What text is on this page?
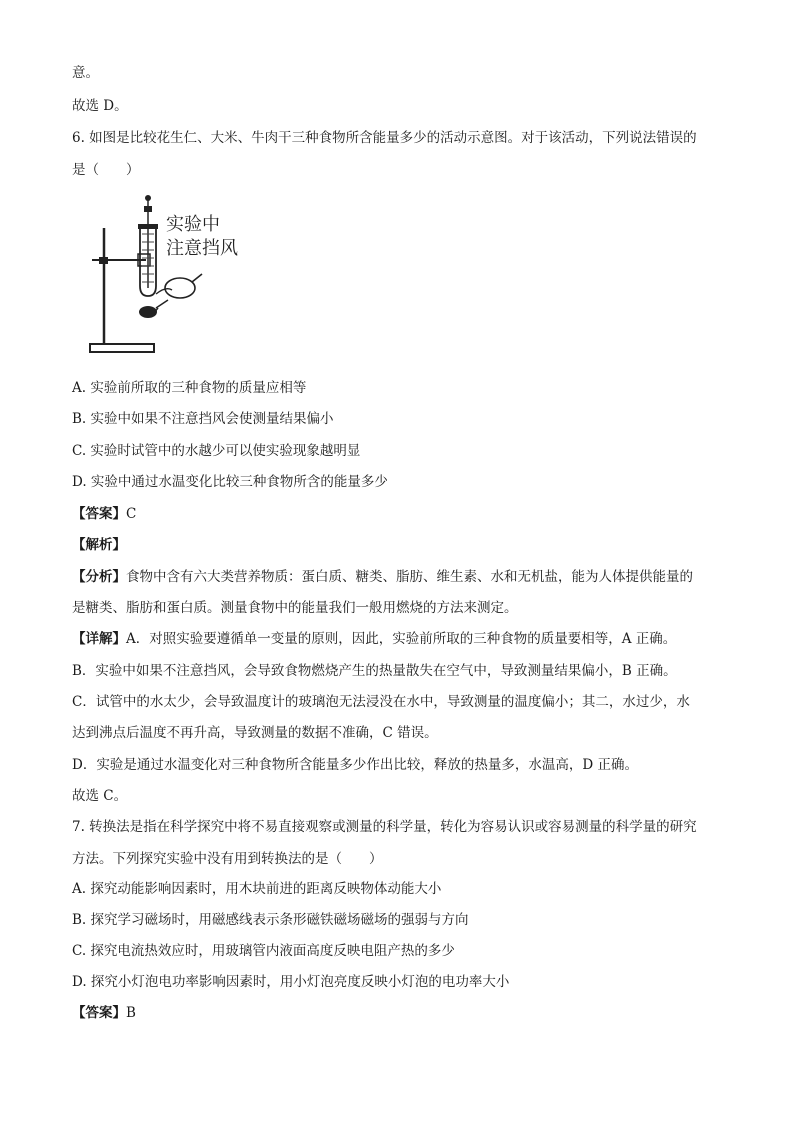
意。
故选 D。
6. 如图是比较花生仁、大米、牛肉干三种食物所含能量多少的活动示意图。对于该活动，下列说法错误的
是（　　）
实验中
注意挡风
A. 实验前所取的三种食物的质量应相等
B. 实验中如果不注意挡风会使测量结果偏小
C. 实验时试管中的水越少可以使实验现象越明显
D. 实验中通过水温变化比较三种食物所含的能量多少
【答案】C
【解析】
【分析】食物中含有六大类营养物质：蛋白质、糖类、脂肪、维生素、水和无机盐，能为人体提供能量的
是糖类、脂肪和蛋白质。测量食物中的能量我们一般用燃烧的方法来测定。
【详解】A．对照实验要遵循单一变量的原则，因此，实验前所取的三种食物的质量要相等，A 正确。
B．实验中如果不注意挡风，会导致食物燃烧产生的热量散失在空气中，导致测量结果偏小，B 正确。
C．试管中的水太少，会导致温度计的玻璃泡无法浸没在水中，导致测量的温度偏小；其二，水过少，水
达到沸点后温度不再升高，导致测量的数据不准确，C 错误。
D．实验是通过水温变化对三种食物所含能量多少作出比较，释放的热量多，水温高，D 正确。
故选 C。
7. 转换法是指在科学探究中将不易直接观察或测量的科学量，转化为容易认识或容易测量的科学量的研究
方法。下列探究实验中没有用到转换法的是（　　）
A. 探究动能影响因素时，用木块前进的距离反映物体动能大小
B. 探究学习磁场时，用磁感线表示条形磁铁磁场磁场的强弱与方向
C. 探究电流热效应时，用玻璃管内液面高度反映电阻产热的多少
D. 探究小灯泡电功率影响因素时，用小灯泡亮度反映小灯泡的电功率大小
【答案】B
